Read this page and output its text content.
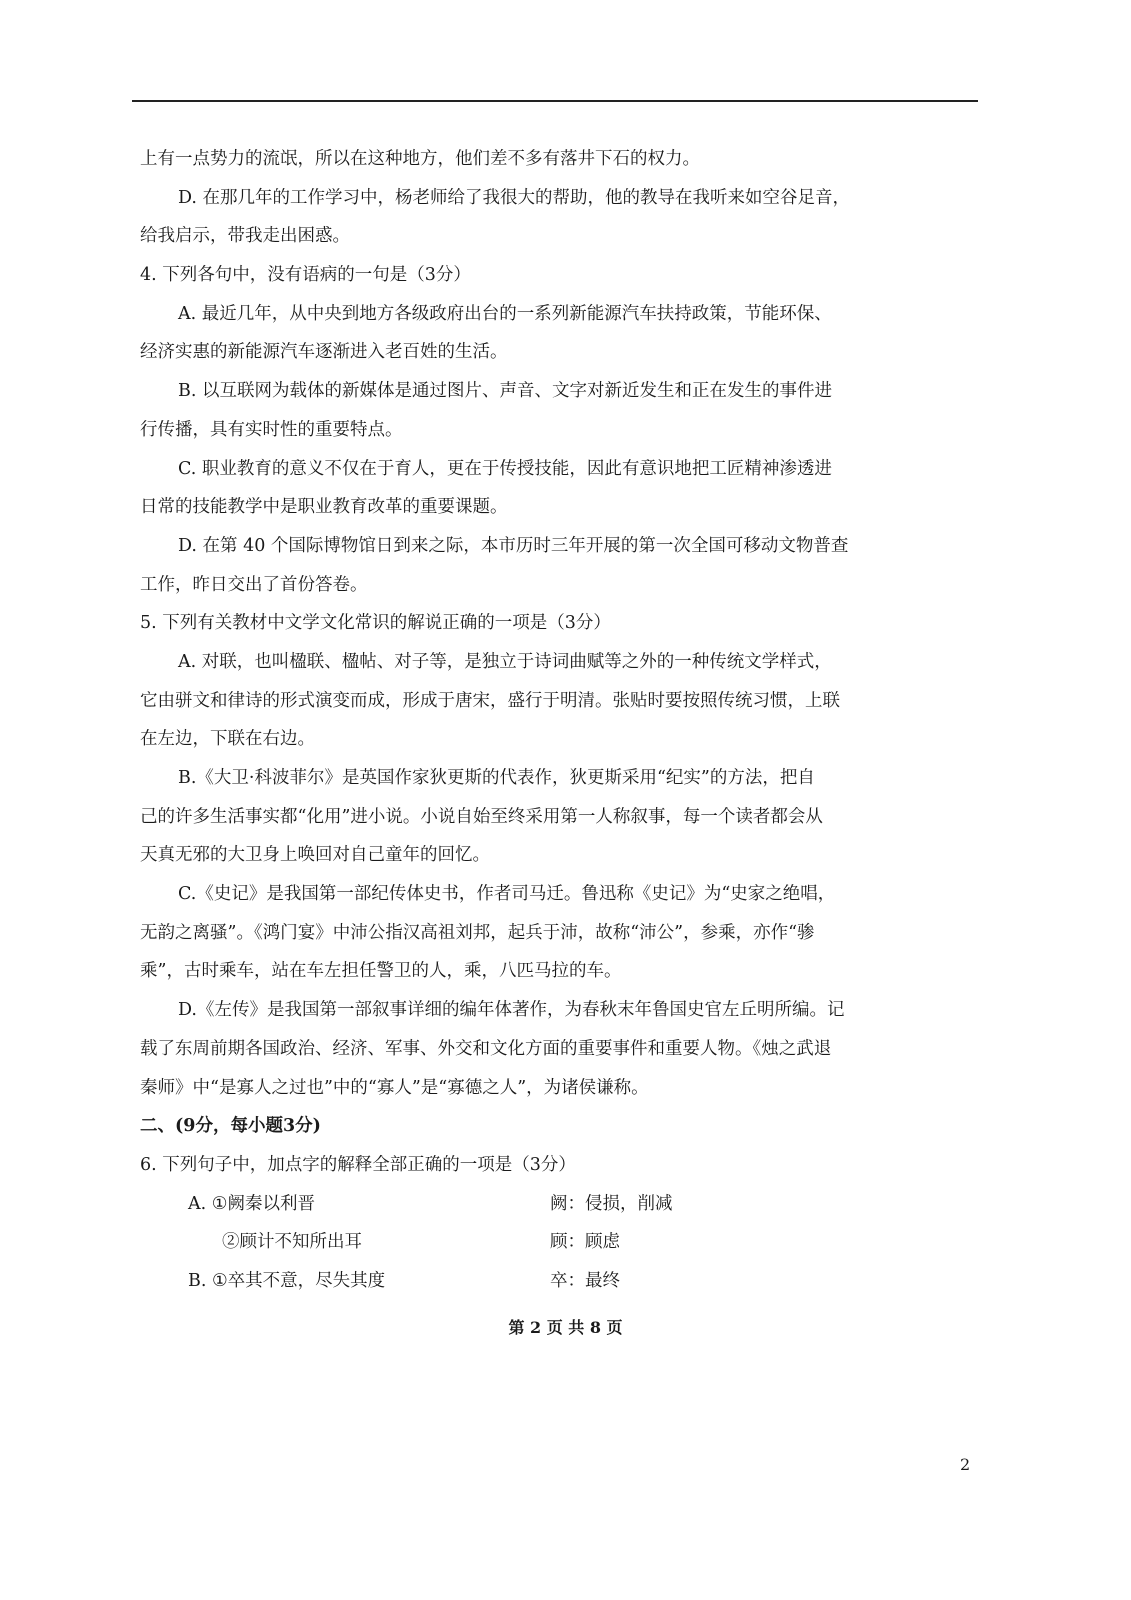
上有一点势力的流氓，所以在这种地方，他们差不多有落井下石的权力。
D. 在那几年的工作学习中，杨老师给了我很大的帮助，他的教导在我听来如空谷足音，
给我启示，带我走出困惑。
4. 下列各句中，没有语病的一句是（3分）
A. 最近几年，从中央到地方各级政府出台的一系列新能源汽车扶持政策，节能环保、
经济实惠的新能源汽车逐渐进入老百姓的生活。
B. 以互联网为载体的新媒体是通过图片、声音、文字对新近发生和正在发生的事件进
行传播，具有实时性的重要特点。
C. 职业教育的意义不仅在于育人，更在于传授技能，因此有意识地把工匠精神渗透进
日常的技能教学中是职业教育改革的重要课题。
D. 在第 40 个国际博物馆日到来之际，本市历时三年开展的第一次全国可移动文物普查
工作，昨日交出了首份答卷。
5. 下列有关教材中文学文化常识的解说正确的一项是（3分）
A. 对联，也叫楹联、楹帖、对子等，是独立于诗词曲赋等之外的一种传统文学样式，
它由骈文和律诗的形式演变而成，形成于唐宋，盛行于明清。张贴时要按照传统习惯，上联
在左边，下联在右边。
B.《大卫·科波菲尔》是英国作家狄更斯的代表作，狄更斯采用“纪实”的方法，把自
己的许多生活事实都“化用”进小说。小说自始至终采用第一人称叙事，每一个读者都会从
天真无邪的大卫身上唤回对自己童年的回忆。
C.《史记》是我国第一部纪传体史书，作者司马迁。鲁迅称《史记》为“史家之绝唱，
无韵之离骚”。《鸿门宴》中沛公指汉高祖刘邦，起兵于沛，故称“沛公”，参乘，亦作“骖
乘”，古时乘车，站在车左担任警卫的人，乘，八匹马拉的车。
D.《左传》是我国第一部叙事详细的编年体著作，为春秋末年鲁国史官左丘明所编。记
载了东周前期各国政治、经济、军事、外交和文化方面的重要事件和重要人物。《烛之武退
秦师》中“是寡人之过也”中的“寡人”是“寡德之人”，为诸侯谦称。
二、(9分，每小题3分)
6. 下列句子中，加点字的解释全部正确的一项是（3分）
A. ①阙秦以利晋	阙：侵损，削减
②顾计不知所出耳	顾：顾虑
B. ①卒其不意，尽失其度	卒：最终
第 2 页 共 8 页
2
